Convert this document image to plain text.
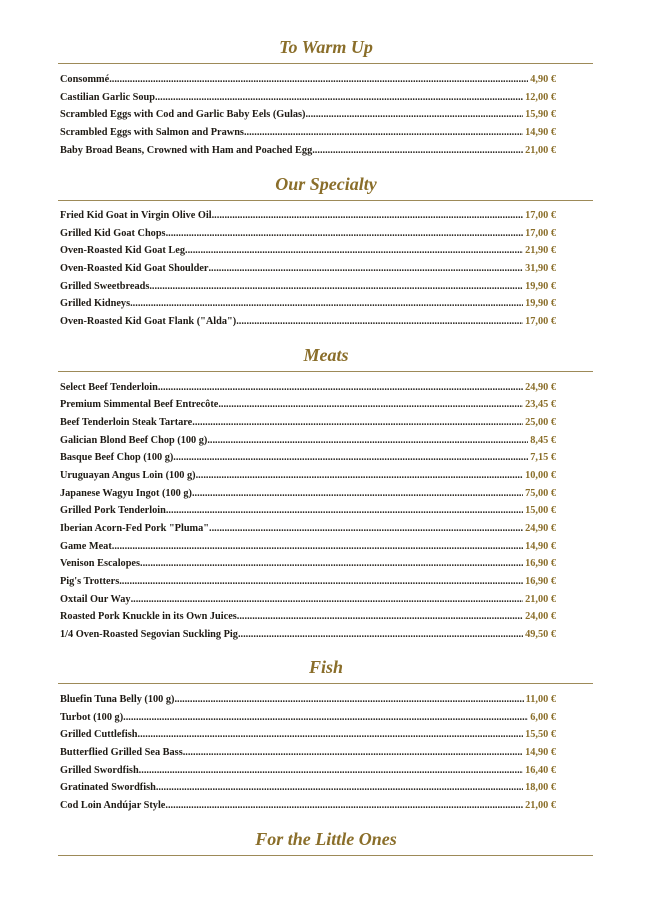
To Warm Up
Consommé .....	4,90 €
Castilian Garlic Soup .....	12,00 €
Scrambled Eggs with Cod and Garlic Baby Eels (Gulas) .....	15,90 €
Scrambled Eggs with Salmon and Prawns .....	14,90 €
Baby Broad Beans, Crowned with Ham and Poached Egg .....	21,00 €
Our Specialty
Fried Kid Goat in Virgin Olive Oil .....	17,00 €
Grilled Kid Goat Chops .....	17,00 €
Oven-Roasted Kid Goat Leg .....	21,90 €
Oven-Roasted Kid Goat Shoulder .....	31,90 €
Grilled Sweetbreads .....	19,90 €
Grilled Kidneys .....	19,90 €
Oven-Roasted Kid Goat Flank ("Alda") .....	17,00 €
Meats
Select Beef Tenderloin .....	24,90 €
Premium Simmental Beef Entrecôte .....	23,45 €
Beef Tenderloin Steak Tartare .....	25,00 €
Galician Blond Beef Chop (100 g) .....	8,45 €
Basque Beef Chop (100 g) .....	7,15 €
Uruguayan Angus Loin (100 g) .....	10,00 €
Japanese Wagyu Ingot (100 g) .....	75,00 €
Grilled Pork Tenderloin .....	15,00 €
Iberian Acorn-Fed Pork "Pluma" .....	24,90 €
Game Meat .....	14,90 €
Venison Escalopes .....	16,90 €
Pig's Trotters .....	16,90 €
Oxtail Our Way .....	21,00 €
Roasted Pork Knuckle in its Own Juices .....	24,00 €
1/4 Oven-Roasted Segovian Suckling Pig .....	49,50 €
Fish
Bluefin Tuna Belly (100 g) .....	11,00 €
Turbot (100 g) .....	6,00 €
Grilled Cuttlefish .....	15,50 €
Butterflied Grilled Sea Bass .....	14,90 €
Grilled Swordfish .....	16,40 €
Gratinated Swordfish .....	18,00 €
Cod Loin Andújar Style .....	21,00 €
For the Little Ones
